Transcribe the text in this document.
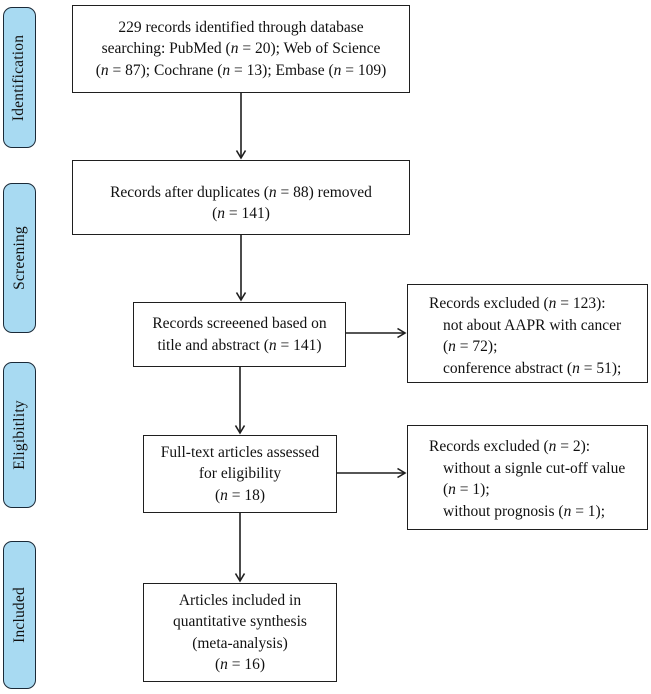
Identification
Screening
Eligibitlity
Included
229 records identified through database
searching: PubMed (n = 20); Web of Science
(n = 87); Cochrane (n = 13); Embase (n = 109)
Records after duplicates (n = 88) removed
(n = 141)
Records screeened based on
title and abstract (n = 141)
Records excluded (n = 123):
not about AAPR with cancer
(n = 72);
conference abstract (n = 51);
Full-text articles assessed
for eligibility
(n = 18)
Records excluded (n = 2):
without a signle cut-off value
(n = 1);
without prognosis (n = 1);
Articles included in
quantitative synthesis
(meta-analysis)
(n = 16)
